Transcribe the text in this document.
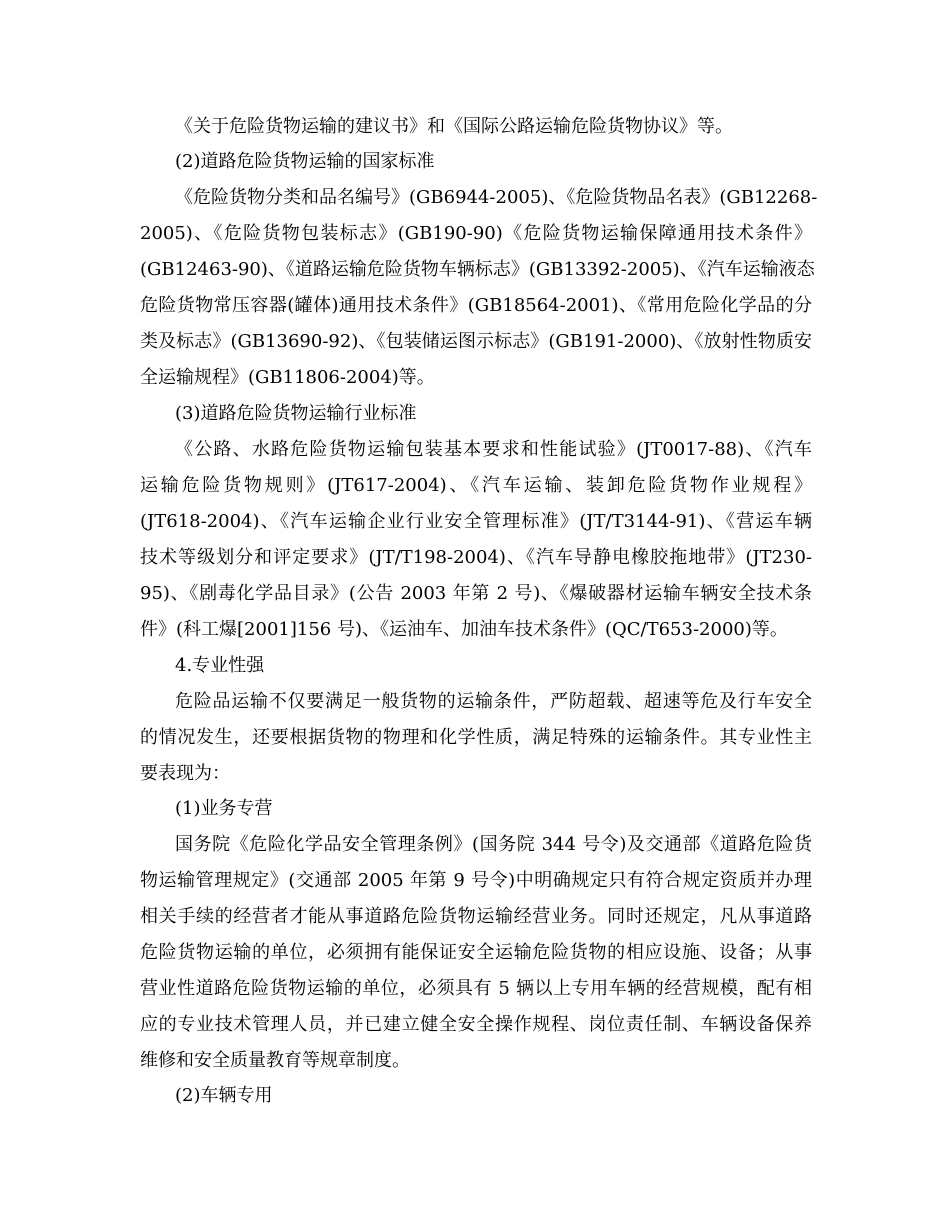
《关于危险货物运输的建议书》和《国际公路运输危险货物协议》等。
(2)道路危险货物运输的国家标准
《危险货物分类和品名编号》(GB6944-2005)、《危险货物品名表》(GB12268-
2005)、《危险货物包装标志》(GB190-90)《危险货物运输保障通用技术条件》
(GB12463-90)、《道路运输危险货物车辆标志》(GB13392-2005)、《汽车运输液态
危险货物常压容器(罐体)通用技术条件》(GB18564-2001)、《常用危险化学品的分
类及标志》(GB13690-92)、《包装储运图示标志》(GB191-2000)、《放射性物质安
全运输规程》(GB11806-2004)等。
(3)道路危险货物运输行业标准
《公路、水路危险货物运输包装基本要求和性能试验》(JT0017-88)、《汽车
运输危险货物规则》(JT617-2004)、《汽车运输、装卸危险货物作业规程》
(JT618-2004)、《汽车运输企业行业安全管理标准》(JT/T3144-91)、《营运车辆
技术等级划分和评定要求》(JT/T198-2004)、《汽车导静电橡胶拖地带》(JT230-
95)、《剧毒化学品目录》(公告 2003 年第 2 号)、《爆破器材运输车辆安全技术条
件》(科工爆[2001]156 号)、《运油车、加油车技术条件》(QC/T653-2000)等。
4.专业性强
危险品运输不仅要满足一般货物的运输条件，严防超载、超速等危及行车安全
的情况发生，还要根据货物的物理和化学性质，满足特殊的运输条件。其专业性主
要表现为：
(1)业务专营
国务院《危险化学品安全管理条例》(国务院 344 号令)及交通部《道路危险货
物运输管理规定》(交通部 2005 年第 9 号令)中明确规定只有符合规定资质并办理
相关手续的经营者才能从事道路危险货物运输经营业务。同时还规定，凡从事道路
危险货物运输的单位，必须拥有能保证安全运输危险货物的相应设施、设备；从事
营业性道路危险货物运输的单位，必须具有 5 辆以上专用车辆的经营规模，配有相
应的专业技术管理人员，并已建立健全安全操作规程、岗位责任制、车辆设备保养
维修和安全质量教育等规章制度。
(2)车辆专用
